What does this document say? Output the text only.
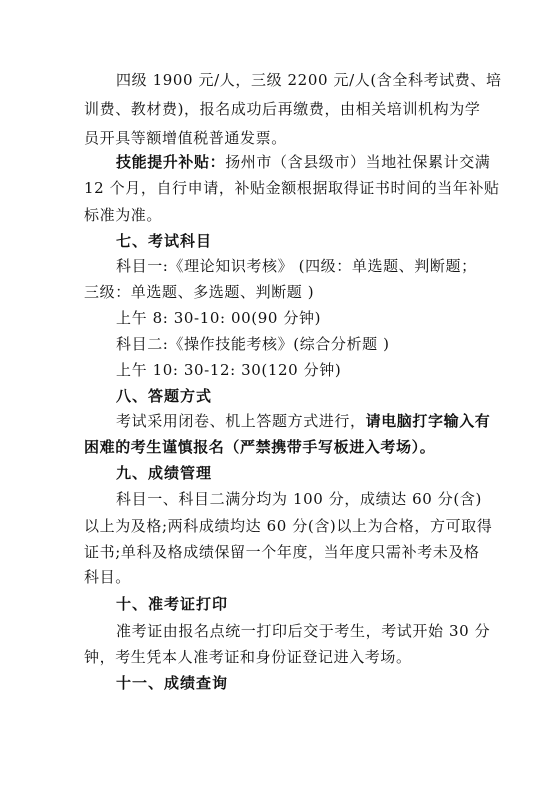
四级 1900 元/人，三级 2200 元/人(含全科考试费、培
训费、教材费)，报名成功后再缴费，由相关培训机构为学
员开具等额增值税普通发票。
技能提升补贴：扬州市（含县级市）当地社保累计交满
12 个月，自行申请，补贴金额根据取得证书时间的当年补贴
标准为准。
七、考试科目
科目一:《理论知识考核》 (四级：单选题、判断题；
三级：单选题、多选题、判断题 )
上午 8: 30-10: 00(90 分钟)
科目二:《操作技能考核》(综合分析题 )
上午 10: 30-12: 30(120 分钟)
八、答题方式
考试采用闭卷、机上答题方式进行，请电脑打字输入有
困难的考生谨慎报名（严禁携带手写板进入考场）。
九、成绩管理
科目一、科目二满分均为 100 分，成绩达 60 分(含)
以上为及格;两科成绩均达 60 分(含)以上为合格，方可取得
证书;单科及格成绩保留一个年度，当年度只需补考未及格
科目。
十、准考证打印
准考证由报名点统一打印后交于考生，考试开始 30 分
钟，考生凭本人准考证和身份证登记进入考场。
十一、成绩查询
